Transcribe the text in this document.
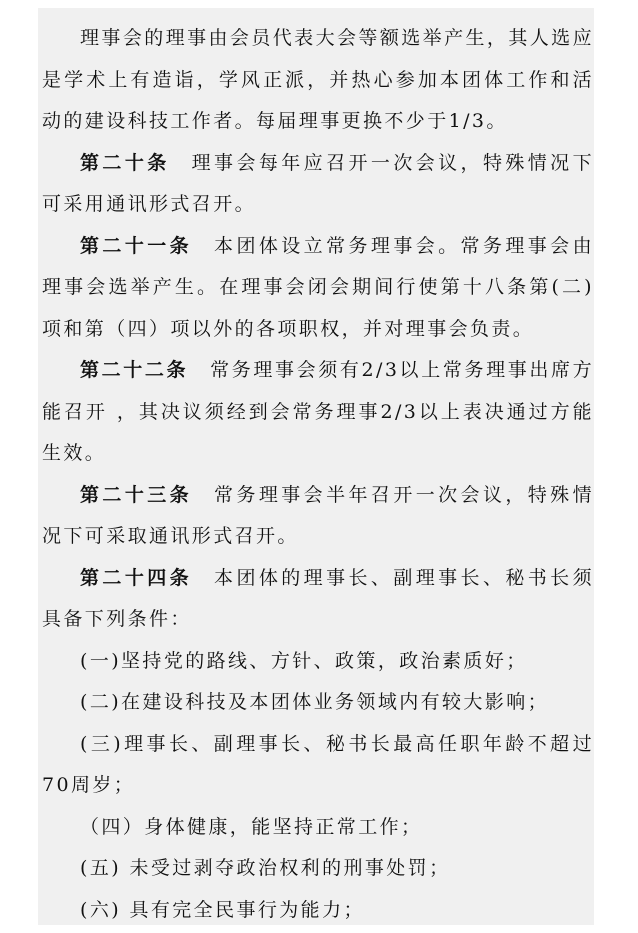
理事会的理事由会员代表大会等额选举产生，其人选应是学术上有造诣，学风正派，并热心参加本团体工作和活动的建设科技工作者。每届理事更换不少于1/3。

第二十条 理事会每年应召开一次会议，特殊情况下可采用通讯形式召开。

第二十一条 本团体设立常务理事会。常务理事会由理事会选举产生。在理事会闭会期间行使第十八条第(二)项和第（四）项以外的各项职权，并对理事会负责。

第二十二条 常务理事会须有2/3以上常务理事出席方能召开 ，其决议须经到会常务理事2/3以上表决通过方能生效。

第二十三条 常务理事会半年召开一次会议，特殊情况下可采取通讯形式召开。

第二十四条 本团体的理事长、副理事长、秘书长须具备下列条件：

(一)坚持党的路线、方针、政策，政治素质好；

(二)在建设科技及本团体业务领域内有较大影响；

(三)理事长、副理事长、秘书长最高任职年龄不超过70周岁；

（四）身体健康，能坚持正常工作；

(五) 未受过剥夺政治权利的刑事处罚；

(六) 具有完全民事行为能力；
